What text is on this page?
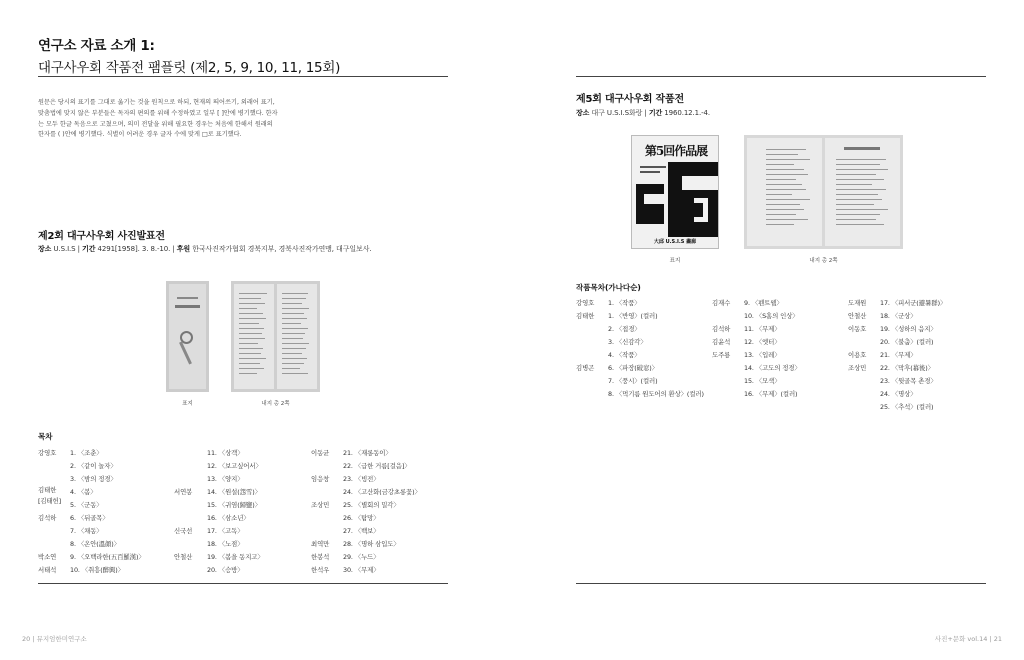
연구소 자료 소개 1:
대구사우회 작품전 팸플릿 (제2, 5, 9, 10, 11, 15회)
원문은 당시의 표기를 그대로 옮기는 것을 원칙으로 하되, 현재의 띄어쓰기, 외래어 표기,
맞춤법에 맞지 않은 부분들은 독자의 편의를 위해 수정하였고 일부 [ ]안에 병기했다. 한자
는 모두 한글 독음으로 고쳤으며, 의미 전달을 위해 필요한 경우는 처음에 한해서 원래의
한자를 ( )안에 병기했다. 식별이 어려운 경우 글자 수에 맞게 □로 표기했다.
제2회 대구사우회 사진발표전
장소 U.S.I.S | 기간 4291[1958]. 3. 8.-10. | 후원 한국사진작가협회 경북지부, 경북사진작가연맹, 대구일보사.
표지	내지 총 2쪽
목차
강영호 1. 〈조춘〉
2. 〈같이 놀자〉
3. 〈밤의 정경〉
김태한
[김태헌]
4. 〈봄〉
5. 〈군동〉
김석하 6. 〈뒤골목〉
7. 〈채동〉
8. 〈온안(溫顔)〉
박소연 9. 〈오백라한(五百羅漢)〉
서태석 10. 〈취흥(醉興)〉
11. 〈상객〉
12. 〈보고싶어서〉
13. 〈양지〉
서연봉 14. 〈원설(怨雪)〉
15. 〈귀염(歸鹽)〉
16. 〈삼소년〉
신국선 17. 〈고독〉
18. 〈노점〉
안철산 19. 〈봄을 동지고〉
20. 〈승방〉
이동균 21. 〈재롱동이〉
22. 〈급한 거름[걸음]〉
임응창 23. 〈빙전〉
24. 〈고산화(금강초롱꽃)〉
조상민 25. 〈별회의 밀각〉
26. 〈탐망〉
27. 〈백보〉
최역만 28. 〈명하 삼입도〉
한봉석 29. 〈누드〉
한석우 30. 〈무제〉
20 | 뮤지엄한미연구소
제5회 대구사우회 작품전
장소 대구 U.S.I.S화랑 | 기간 1960.12.1.-4.
第5回作品展
大邱 U.S.I.S 畵廊
표지	내지 총 2쪽
작품목차(가나다순)
강영호 1. 〈작품〉
김태한 1. 〈반영〉(컬러)
2. 〈접경〉
3. 〈신감각〉
4. 〈작품〉
김병곤 6. 〈파장(破窓)〉
7. 〈풍시〉(컬러)
8. 〈먹기름 원도어의 환상〉(컬러)
김재수 9. 〈펜트웹〉
10. 〈S홈의 인상〉
김석하 11. 〈무제〉
김윤석 12. 〈엣터〉
도주룡 13. 〈입레〉
14. 〈고도의 정경〉
15. 〈모색〉
16. 〈무제〉(컬러)
도재원 17. 〈피서군(避暑群)〉
안철산 18. 〈군상〉
이동호 19. 〈성하의 음지〉
20. 〈불춤〉(컬러)
이용호 21. 〈무제〉
조상민 22. 〈막후(幕後)〉
23. 〈뒷골목 촌경〉
24. 〈명상〉
25. 〈추석〉(컬러)
사진+문화 vol.14 | 21
